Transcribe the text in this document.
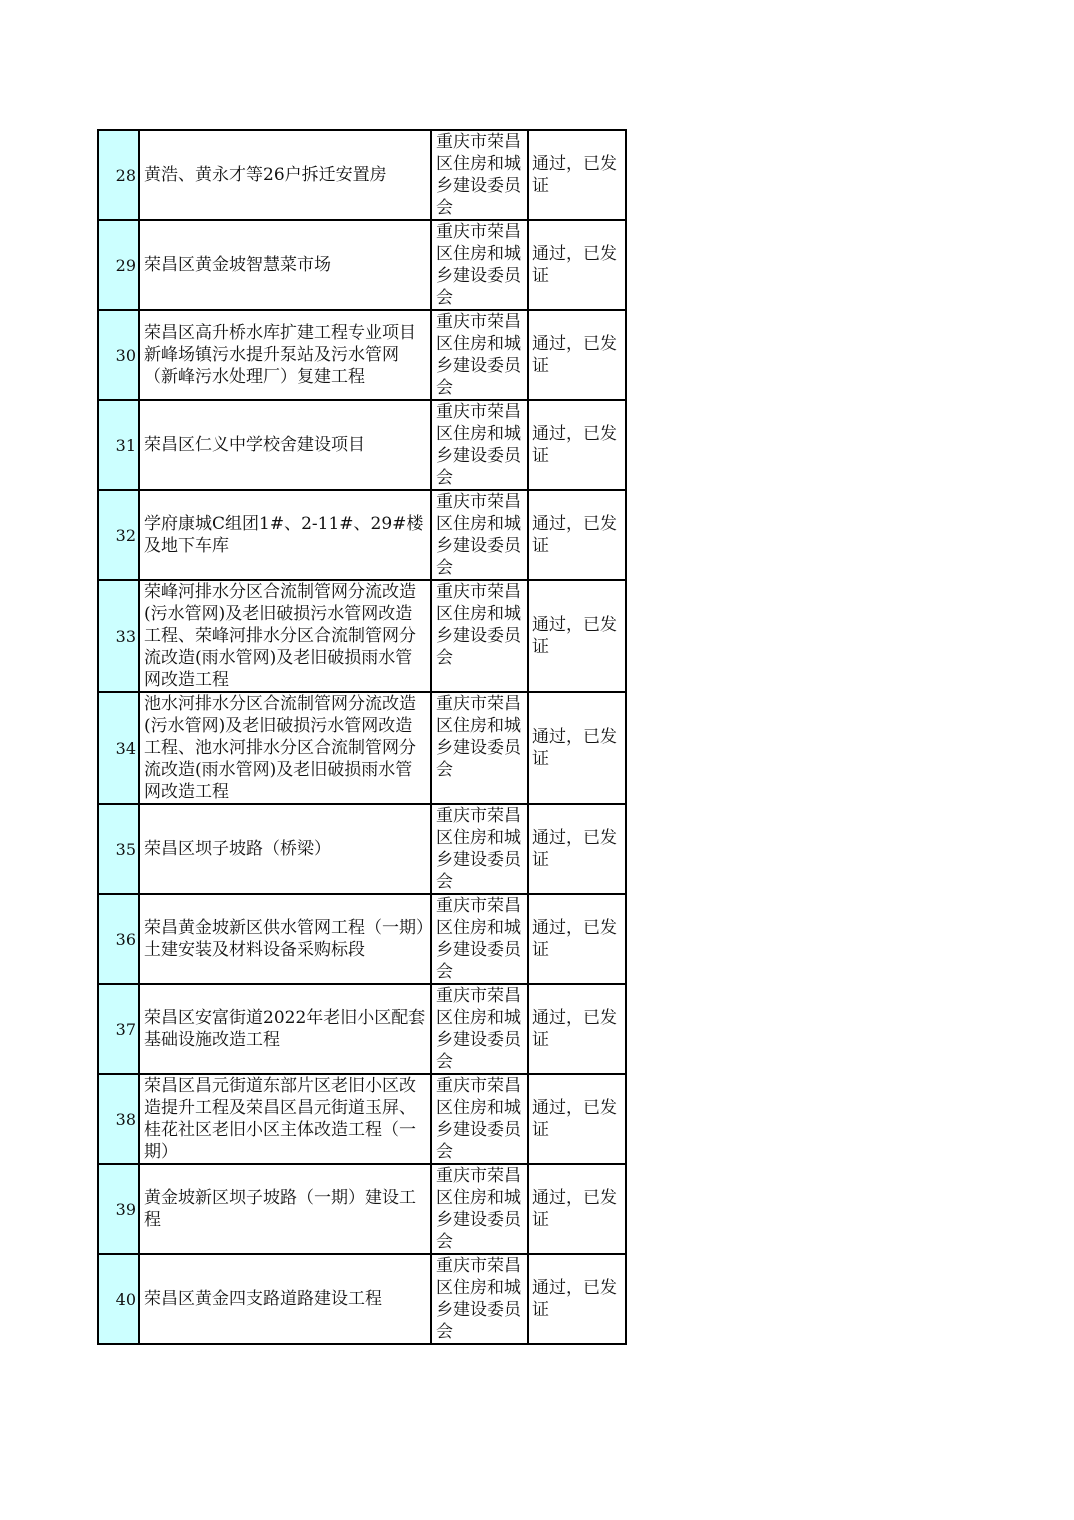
28	黄浩、黄永才等26户拆迁安置房	重庆市荣昌区住房和城乡建设委员会	通过，已发证

29	荣昌区黄金坡智慧菜市场	重庆市荣昌区住房和城乡建设委员会	通过，已发证

30	荣昌区高升桥水库扩建工程专业项目新峰场镇污水提升泵站及污水管网（新峰污水处理厂）复建工程	重庆市荣昌区住房和城乡建设委员会	通过，已发证

31	荣昌区仁义中学校舍建设项目	重庆市荣昌区住房和城乡建设委员会	通过，已发证

32	学府康城C组团1#、2-11#、29#楼及地下车库	重庆市荣昌区住房和城乡建设委员会	通过，已发证

33	荣峰河排水分区合流制管网分流改造(污水管网)及老旧破损污水管网改造工程、荣峰河排水分区合流制管网分流改造(雨水管网)及老旧破损雨水管网改造工程	重庆市荣昌区住房和城乡建设委员会	通过，已发证

34	池水河排水分区合流制管网分流改造(污水管网)及老旧破损污水管网改造工程、池水河排水分区合流制管网分流改造(雨水管网)及老旧破损雨水管网改造工程	重庆市荣昌区住房和城乡建设委员会	通过，已发证

35	荣昌区坝子坡路（桥梁）	重庆市荣昌区住房和城乡建设委员会	通过，已发证

36	荣昌黄金坡新区供水管网工程（一期）土建安装及材料设备采购标段	重庆市荣昌区住房和城乡建设委员会	通过，已发证

37	荣昌区安富街道2022年老旧小区配套基础设施改造工程	重庆市荣昌区住房和城乡建设委员会	通过，已发证

38	荣昌区昌元街道东部片区老旧小区改造提升工程及荣昌区昌元街道玉屏、桂花社区老旧小区主体改造工程（一期）	重庆市荣昌区住房和城乡建设委员会	通过，已发证

39	黄金坡新区坝子坡路（一期）建设工程	重庆市荣昌区住房和城乡建设委员会	通过，已发证

40	荣昌区黄金四支路道路建设工程	重庆市荣昌区住房和城乡建设委员会	通过，已发证
